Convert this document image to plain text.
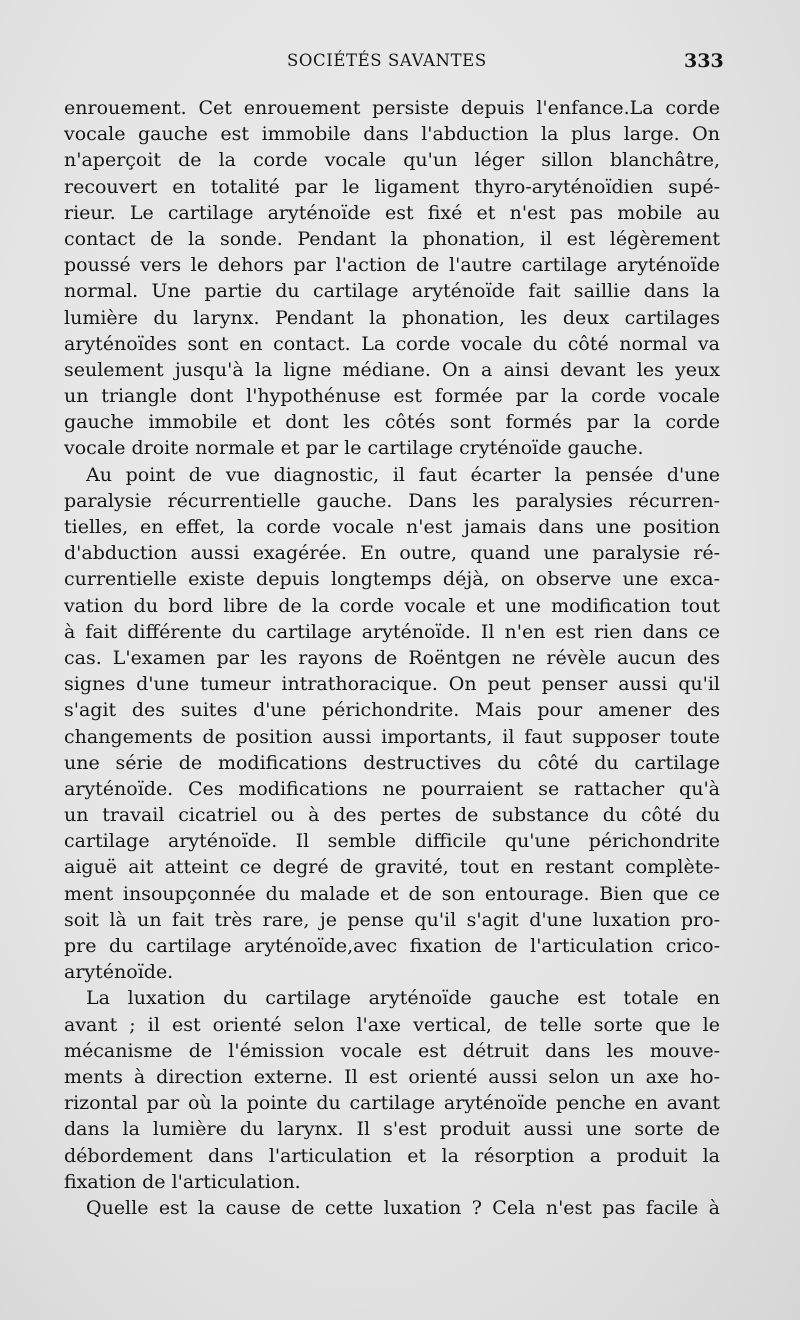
SOCIÉTÉS SAVANTES	333
enrouement. Cet enrouement persiste depuis l'enfance.La corde
vocale gauche est immobile dans l'abduction la plus large. On
n'aperçoit de la corde vocale qu'un léger sillon blanchâtre,
recouvert en totalité par le ligament thyro-aryténoïdien supé-
rieur. Le cartilage aryténoïde est fixé et n'est pas mobile au
contact de la sonde. Pendant la phonation, il est légèrement
poussé vers le dehors par l'action de l'autre cartilage aryténoïde
normal. Une partie du cartilage aryténoïde fait saillie dans la
lumière du larynx. Pendant la phonation, les deux cartilages
aryténoïdes sont en contact. La corde vocale du côté normal va
seulement jusqu'à la ligne médiane. On a ainsi devant les yeux
un triangle dont l'hypothénuse est formée par la corde vocale
gauche immobile et dont les côtés sont formés par la corde
vocale droite normale et par le cartilage cryténoïde gauche.
Au point de vue diagnostic, il faut écarter la pensée d'une
paralysie récurrentielle gauche. Dans les paralysies récurren-
tielles, en effet, la corde vocale n'est jamais dans une position
d'abduction aussi exagérée. En outre, quand une paralysie ré-
currentielle existe depuis longtemps déjà, on observe une exca-
vation du bord libre de la corde vocale et une modification tout
à fait différente du cartilage aryténoïde. Il n'en est rien dans ce
cas. L'examen par les rayons de Roëntgen ne révèle aucun des
signes d'une tumeur intrathoracique. On peut penser aussi qu'il
s'agit des suites d'une périchondrite. Mais pour amener des
changements de position aussi importants, il faut supposer toute
une série de modifications destructives du côté du cartilage
aryténoïde. Ces modifications ne pourraient se rattacher qu'à
un travail cicatriel ou à des pertes de substance du côté du
cartilage aryténoïde. Il semble difficile qu'une périchondrite
aiguë ait atteint ce degré de gravité, tout en restant complète-
ment insoupçonnée du malade et de son entourage. Bien que ce
soit là un fait très rare, je pense qu'il s'agit d'une luxation pro-
pre du cartilage aryténoïde,avec fixation de l'articulation crico-
aryténoïde.
La luxation du cartilage aryténoïde gauche est totale en
avant ; il est orienté selon l'axe vertical, de telle sorte que le
mécanisme de l'émission vocale est détruit dans les mouve-
ments à direction externe. Il est orienté aussi selon un axe ho-
rizontal par où la pointe du cartilage aryténoïde penche en avant
dans la lumière du larynx. Il s'est produit aussi une sorte de
débordement dans l'articulation et la résorption a produit la
fixation de l'articulation.
Quelle est la cause de cette luxation ? Cela n'est pas facile à
